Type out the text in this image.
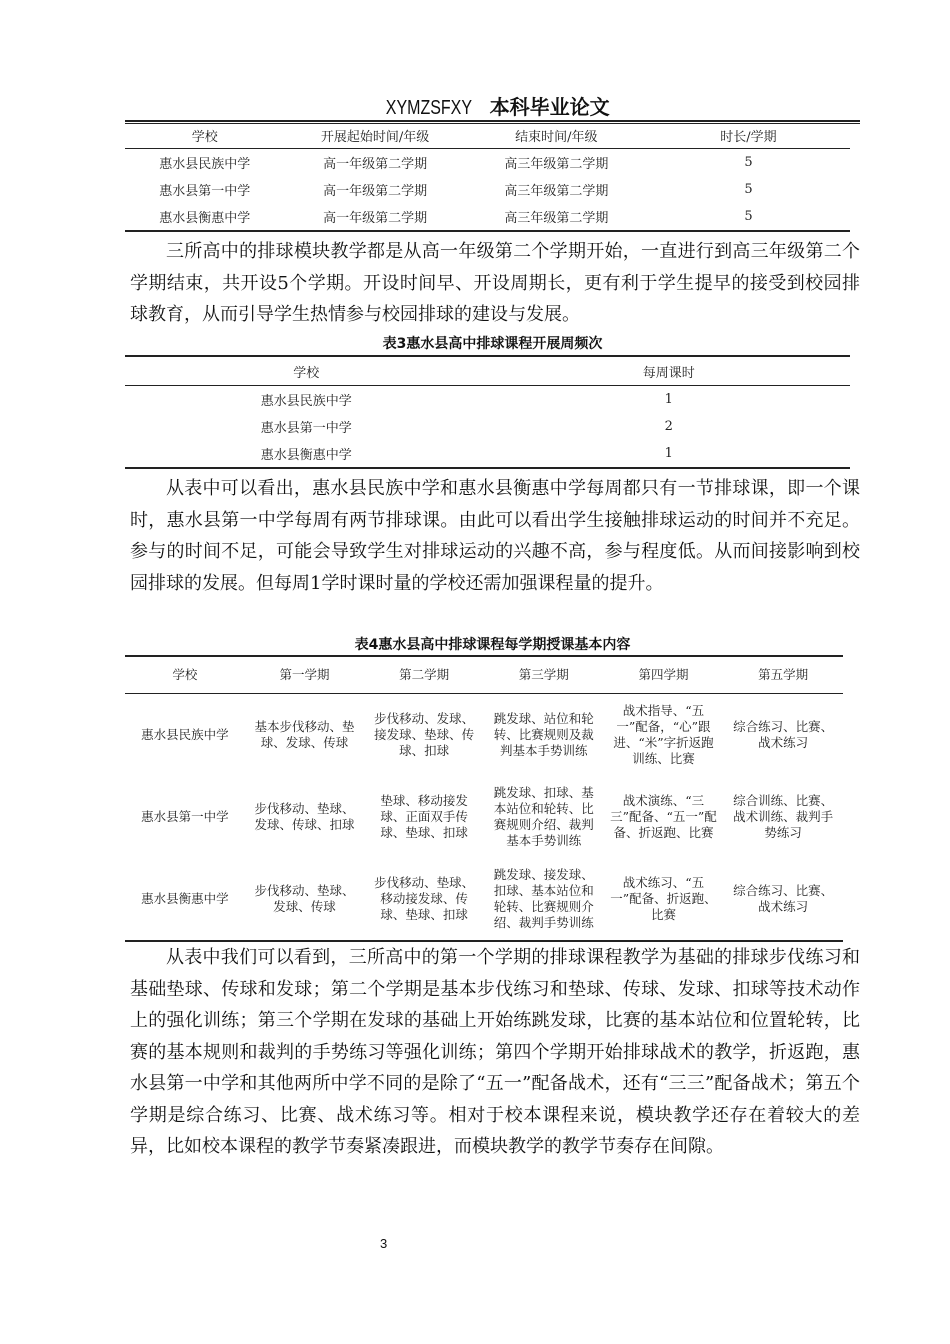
XYMZSFXY 本科毕业论文
学校	开展起始时间/年级	结束时间/年级	时长/学期
惠水县民族中学	高一年级第二学期	高三年级第二学期	5
惠水县第一中学	高一年级第二学期	高三年级第二学期	5
惠水县衡惠中学	高一年级第二学期	高三年级第二学期	5

三所高中的排球模块教学都是从高一年级第二个学期开始，一直进行到高三年级第二个学期结束，共开设5个学期。开设时间早、开设周期长，更有利于学生提早的接受到校园排球教育，从而引导学生热情参与校园排球的建设与发展。

表3惠水县高中排球课程开展周频次
学校	每周课时
惠水县民族中学	1
惠水县第一中学	2
惠水县衡惠中学	1

从表中可以看出，惠水县民族中学和惠水县衡惠中学每周都只有一节排球课，即一个课时，惠水县第一中学每周有两节排球课。由此可以看出学生接触排球运动的时间并不充足。参与的时间不足，可能会导致学生对排球运动的兴趣不高，参与程度低。从而间接影响到校园排球的发展。但每周1学时课时量的学校还需加强课程量的提升。

表4惠水县高中排球课程每学期授课基本内容
学校	第一学期	第二学期	第三学期	第四学期	第五学期
惠水县民族中学	基本步伐移动、垫球、发球、传球	步伐移动、发球、接发球、垫球、传球、扣球	跳发球、站位和轮转、比赛规则及裁判基本手势训练	战术指导、“五一”配备，“心”跟进、“米”字折返跑训练、比赛	综合练习、比赛、战术练习
惠水县第一中学	步伐移动、垫球、发球、传球、扣球	垫球、移动接发球、正面双手传球、垫球、扣球	跳发球、扣球、基本站位和轮转、比赛规则介绍、裁判基本手势训练	战术演练、“三三”配备、“五一”配备、折返跑、比赛	综合训练、比赛、战术训练、裁判手势练习
惠水县衡惠中学	步伐移动、垫球、发球、传球	步伐移动、垫球、移动接发球、传球、垫球、扣球	跳发球、接发球、扣球、基本站位和轮转、比赛规则介绍、裁判手势训练	战术练习、“五一”配备、折返跑、比赛	综合练习、比赛、战术练习

从表中我们可以看到，三所高中的第一个学期的排球课程教学为基础的排球步伐练习和基础垫球、传球和发球；第二个学期是基本步伐练习和垫球、传球、发球、扣球等技术动作上的强化训练；第三个学期在发球的基础上开始练跳发球，比赛的基本站位和位置轮转，比赛的基本规则和裁判的手势练习等强化训练；第四个学期开始排球战术的教学，折返跑，惠水县第一中学和其他两所中学不同的是除了“五一”配备战术，还有“三三”配备战术；第五个学期是综合练习、比赛、战术练习等。相对于校本课程来说，模块教学还存在着较大的差异，比如校本课程的教学节奏紧凑跟进，而模块教学的教学节奏存在间隙。

3
